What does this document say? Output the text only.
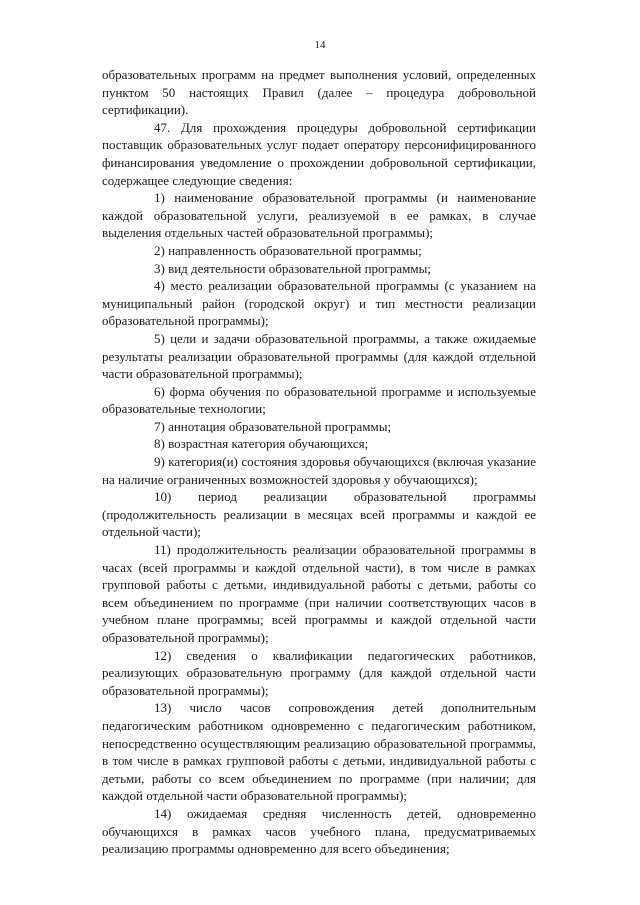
14

образовательных программ на предмет выполнения условий, определенных пунктом 50 настоящих Правил (далее – процедура добровольной сертификации).

47. Для прохождения процедуры добровольной сертификации поставщик образовательных услуг подает оператору персонифицированного финансирования уведомление о прохождении добровольной сертификации, содержащее следующие сведения:

1) наименование образовательной программы (и наименование каждой образовательной услуги, реализуемой в ее рамках, в случае выделения отдельных частей образовательной программы);

2) направленность образовательной программы;

3) вид деятельности образовательной программы;

4) место реализации образовательной программы (с указанием на муниципальный район (городской округ) и тип местности реализации образовательной программы);

5) цели и задачи образовательной программы, а также ожидаемые результаты реализации образовательной программы (для каждой отдельной части образовательной программы);

6) форма обучения по образовательной программе и используемые образовательные технологии;

7) аннотация образовательной программы;

8) возрастная категория обучающихся;

9) категория(и) состояния здоровья обучающихся (включая указание на наличие ограниченных возможностей здоровья у обучающихся);

10) период реализации образовательной программы (продолжительность реализации в месяцах всей программы и каждой ее отдельной части);

11) продолжительность реализации образовательной программы в часах (всей программы и каждой отдельной части), в том числе в рамках групповой работы с детьми, индивидуальной работы с детьми, работы со всем объединением по программе (при наличии соответствующих часов в учебном плане программы; всей программы и каждой отдельной части образовательной программы);

12) сведения о квалификации педагогических работников, реализующих образовательную программу (для каждой отдельной части образовательной программы);

13) число часов сопровождения детей дополнительным педагогическим работником одновременно с педагогическим работником, непосредственно осуществляющим реализацию образовательной программы, в том числе в рамках групповой работы с детьми, индивидуальной работы с детьми, работы со всем объединением по программе (при наличии; для каждой отдельной части образовательной программы);

14) ожидаемая средняя численность детей, одновременно обучающихся в рамках часов учебного плана, предусматриваемых реализацию программы одновременно для всего объединения;
